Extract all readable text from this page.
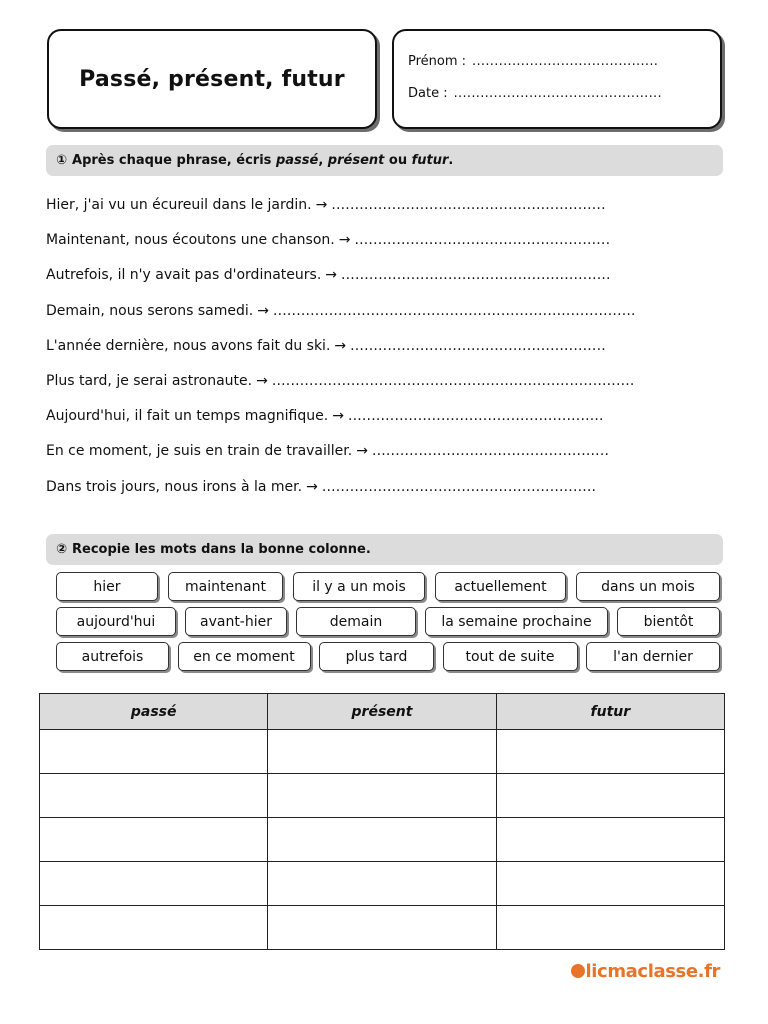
Passé, présent, futur
Prénom : ..........................................
Date : ...............................................
① Après chaque phrase, écris passé, présent ou futur.
Hier, j'ai vu un écureuil dans le jardin. → ...........................................................
Maintenant, nous écoutons une chanson. → .......................................................
Autrefois, il n'y avait pas d'ordinateurs. → ..........................................................
Demain, nous serons samedi. → ..............................................................................
L'année dernière, nous avons fait du ski. → .......................................................
Plus tard, je serai astronaute. → ..............................................................................
Aujourd'hui, il fait un temps magnifique. → .......................................................
En ce moment, je suis en train de travailler. → ...................................................
Dans trois jours, nous irons à la mer. → ...........................................................
② Recopie les mots dans la bonne colonne.
hier	maintenant	il y a un mois	actuellement	dans un mois
aujourd'hui	avant-hier	demain	la semaine prochaine	bientôt
autrefois	en ce moment	plus tard	tout de suite	l'an dernier
passé	présent	futur

licmaclasse.fr
